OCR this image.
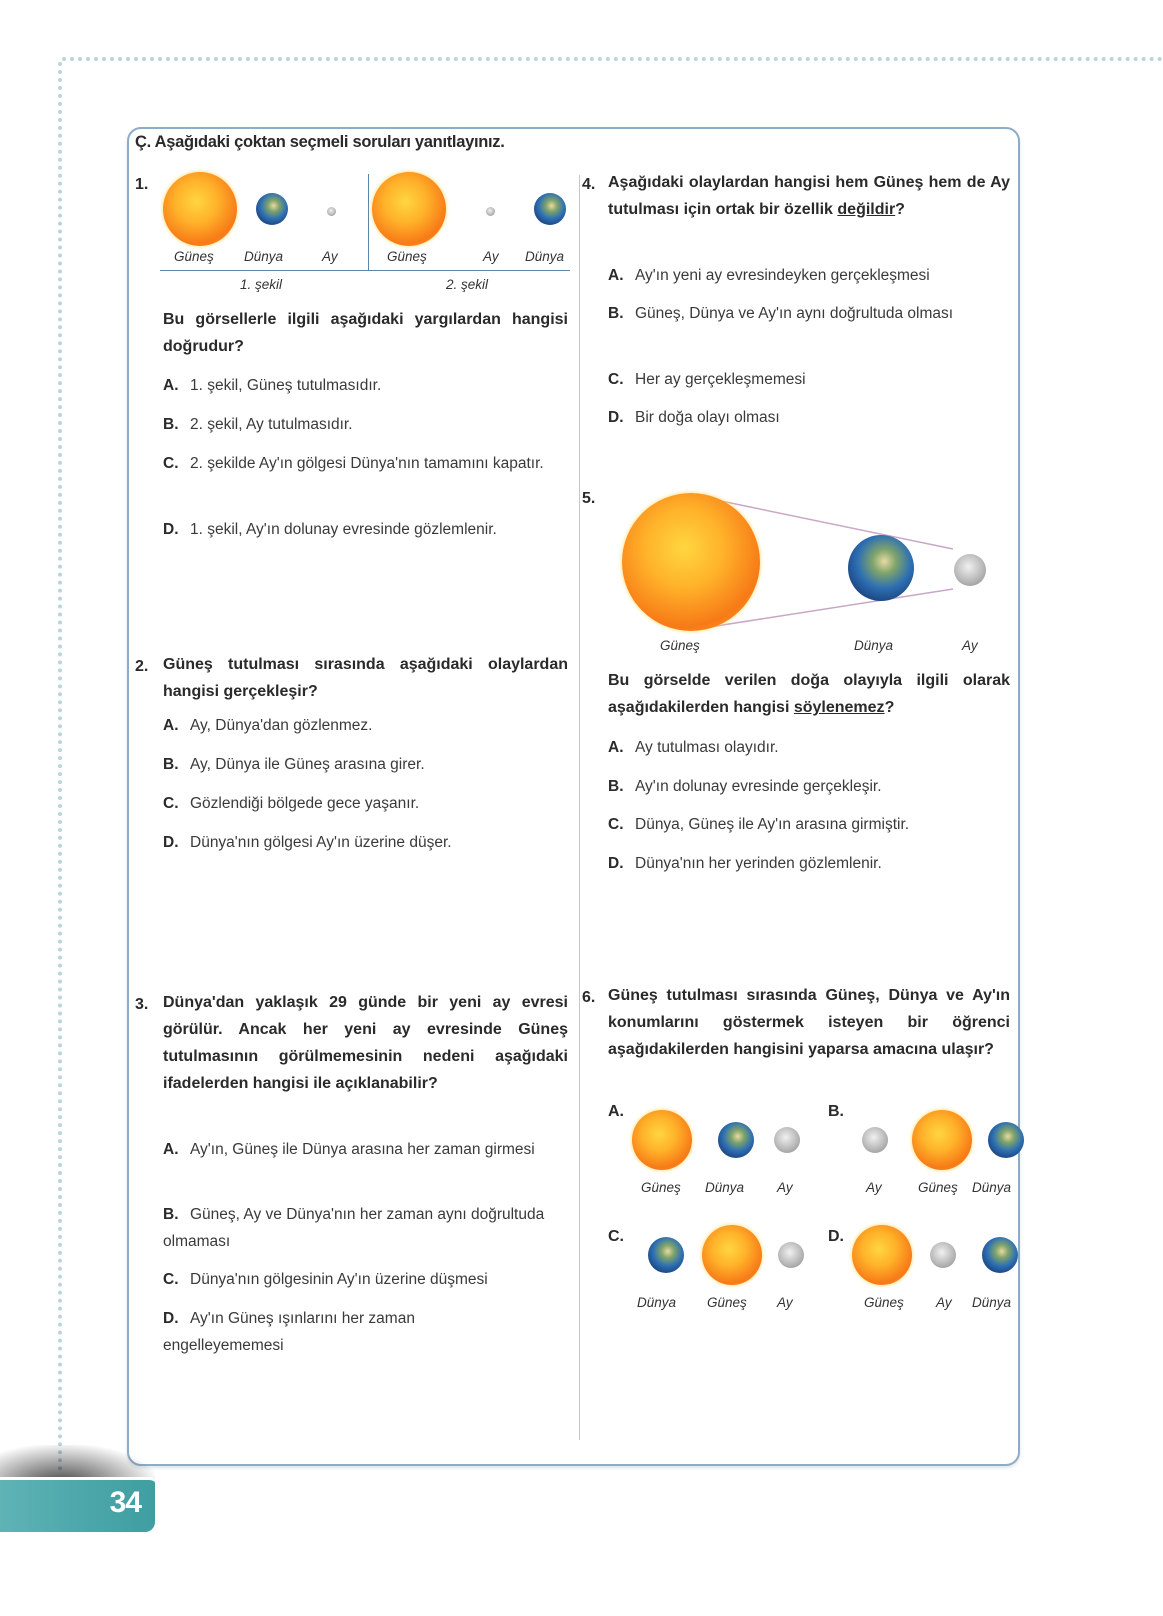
Ç. Aşağıdaki çoktan seçmeli soruları yanıtlayınız.
1.
Güneş Dünya	Ay	Güneş	Ay Dünya
1. şekil	2. şekil
Bu görsellerle ilgili aşağıdaki yargılardan hangisi doğrudur?
A. 1. şekil, Güneş tutulmasıdır.
B. 2. şekil, Ay tutulmasıdır.
C. 2. şekilde Ay'ın gölgesi Dünya'nın tamamını kapatır.
D. 1. şekil, Ay'ın dolunay evresinde gözlemlenir.
2. Güneş tutulması sırasında aşağıdaki olaylardan hangisi gerçekleşir?
A. Ay, Dünya'dan gözlenmez.
B. Ay, Dünya ile Güneş arasına girer.
C. Gözlendiği bölgede gece yaşanır.
D. Dünya'nın gölgesi Ay'ın üzerine düşer.
3. Dünya'dan yaklaşık 29 günde bir yeni ay evresi görülür. Ancak her yeni ay evresinde Güneş tutulmasının görülmemesinin nedeni aşağıdaki ifadelerden hangisi ile açıklanabilir?
A. Ay'ın, Güneş ile Dünya arasına her zaman girmesi
B. Güneş, Ay ve Dünya'nın her zaman aynı doğrultuda olmaması
C. Dünya'nın gölgesinin Ay'ın üzerine düşmesi
D. Ay'ın Güneş ışınlarını her zaman engelleyememesi
4. Aşağıdaki olaylardan hangisi hem Güneş hem de Ay tutulması için ortak bir özellik değildir?
A. Ay'ın yeni ay evresindeyken gerçekleşmesi
B. Güneş, Dünya ve Ay'ın aynı doğrultuda olması
C. Her ay gerçekleşmemesi
D. Bir doğa olayı olması
5.
Güneş	Dünya	Ay
Bu görselde verilen doğa olayıyla ilgili olarak aşağıdakilerden hangisi söylenemez?
A. Ay tutulması olayıdır.
B. Ay'ın dolunay evresinde gerçekleşir.
C. Dünya, Güneş ile Ay'ın arasına girmiştir.
D. Dünya'nın her yerinden gözlemlenir.
6. Güneş tutulması sırasında Güneş, Dünya ve Ay'ın konumlarını göstermek isteyen bir öğrenci aşağıdakilerden hangisini yaparsa amacına ulaşır?
A.
Güneş Dünya Ay
B.
Ay	Güneş Dünya
C.
Dünya Güneş Ay
D.
Güneş Ay Dünya
34
